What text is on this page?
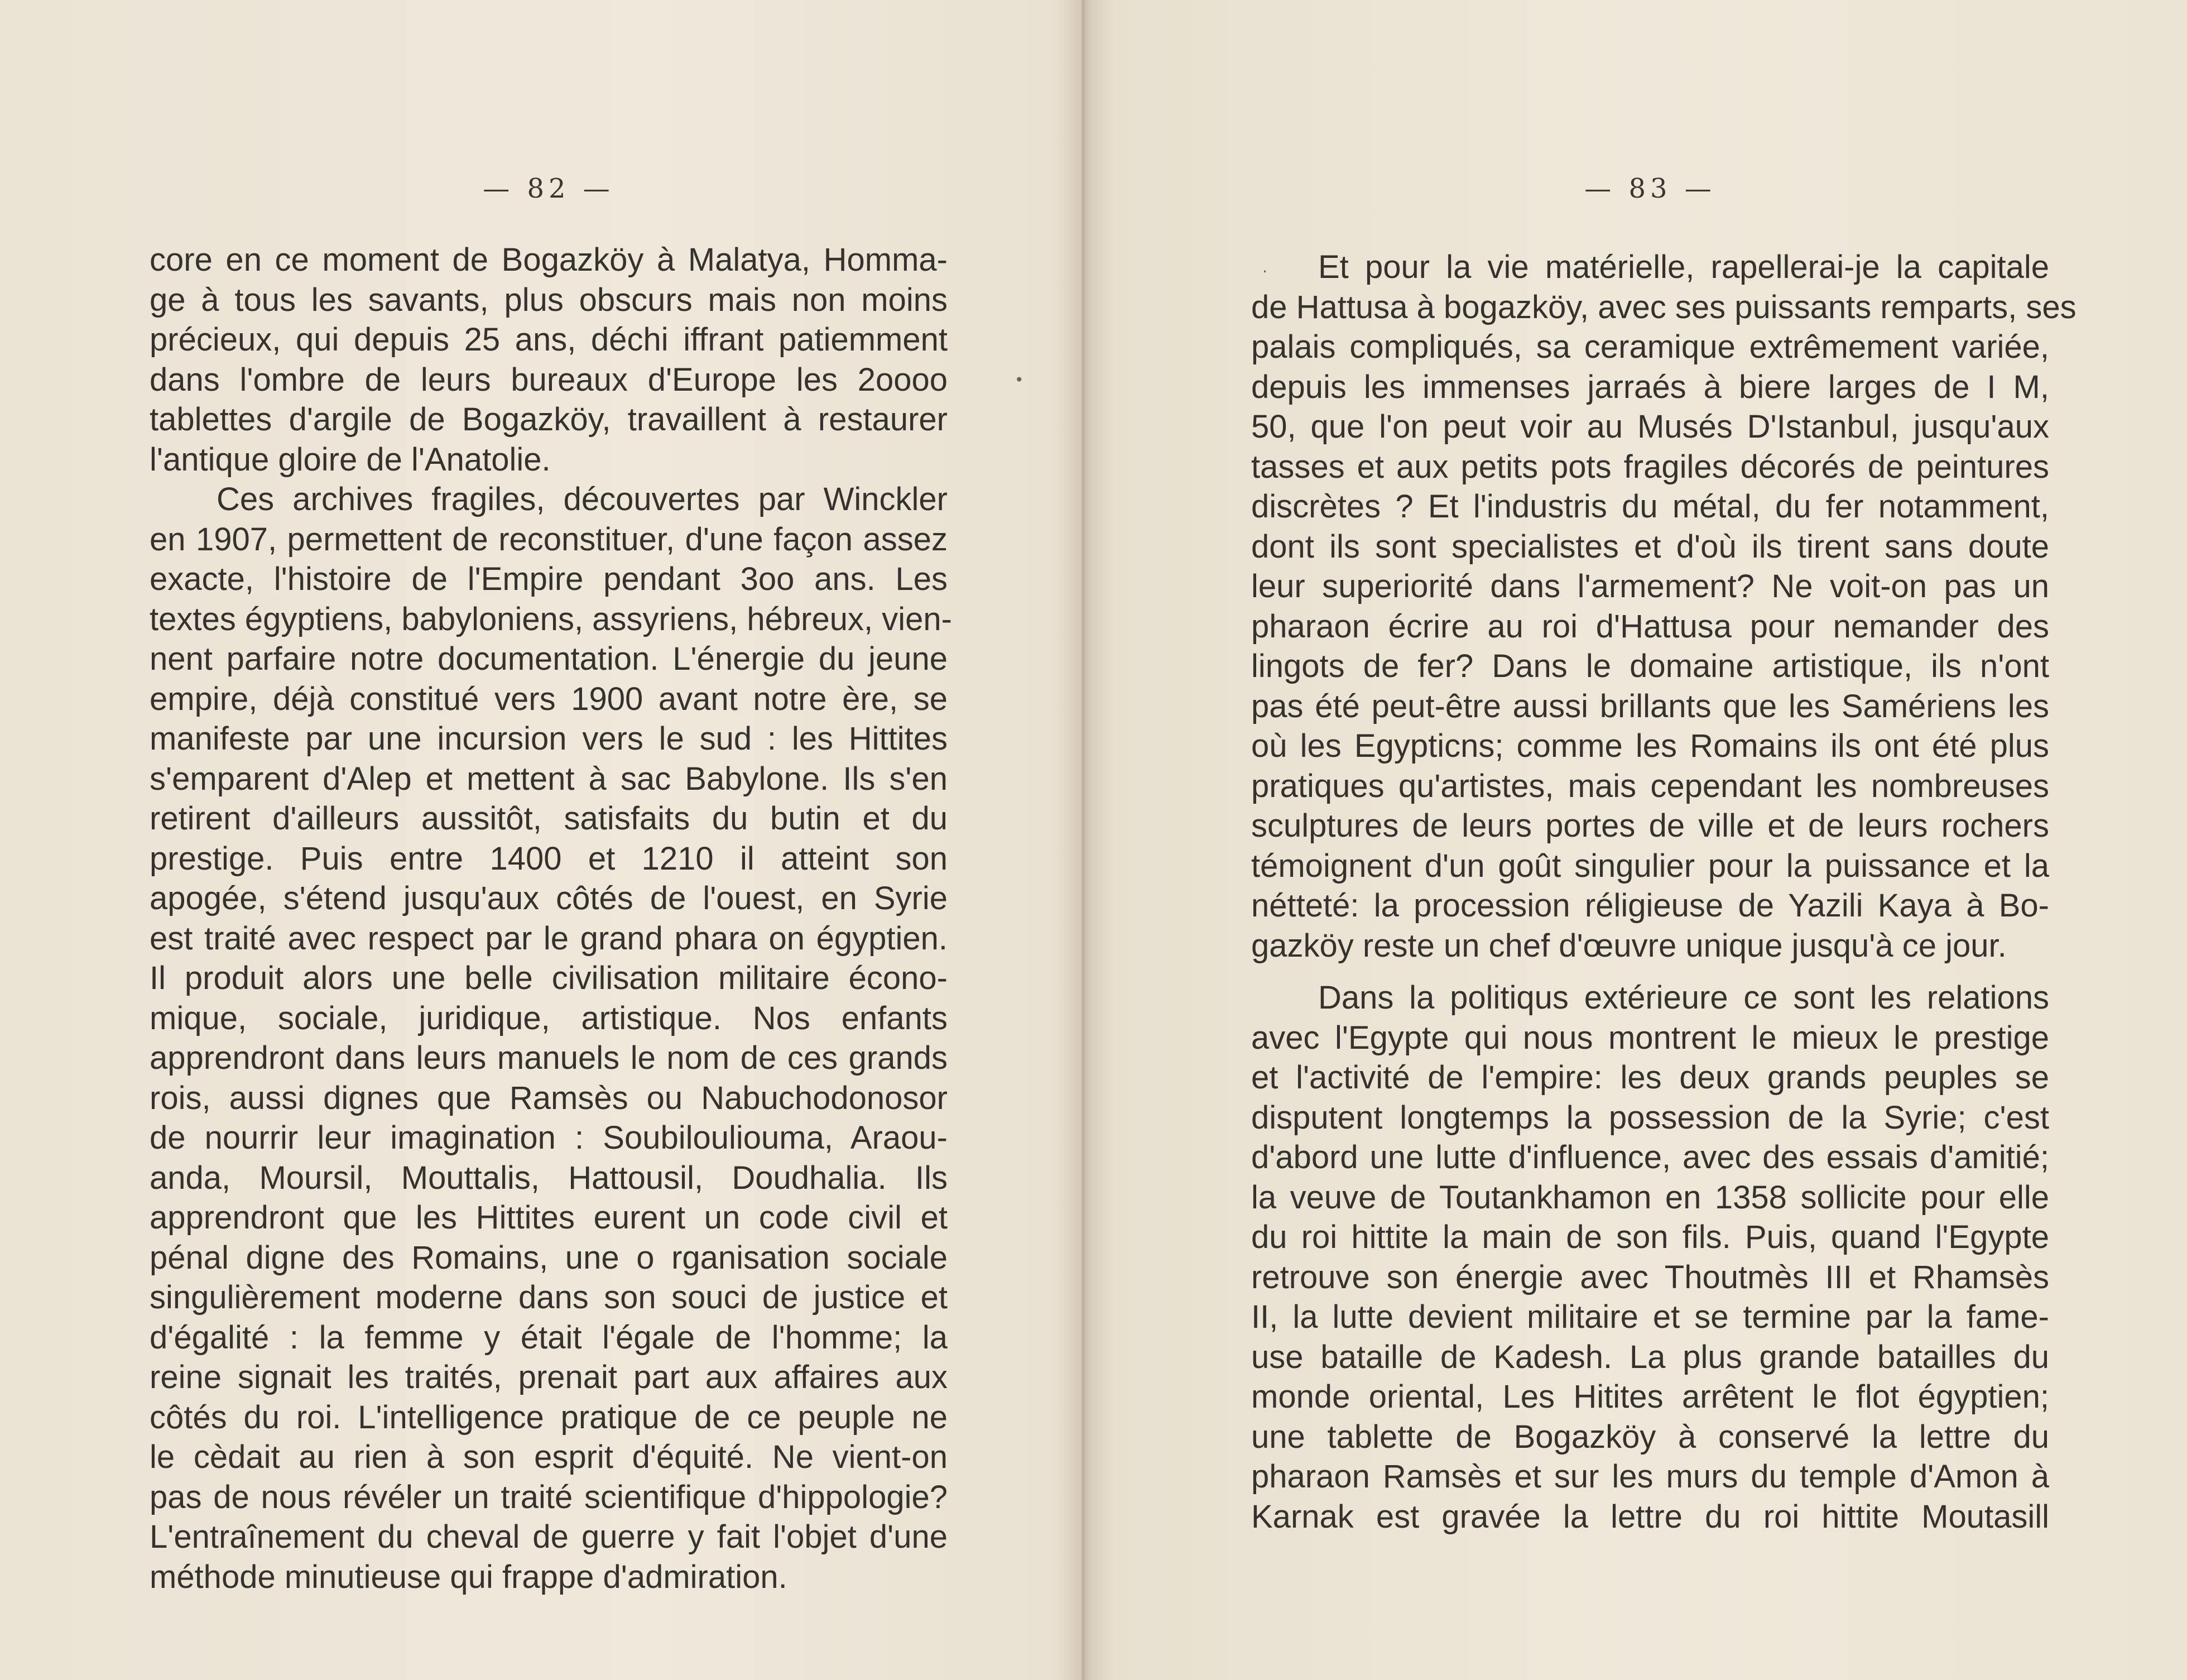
•
·
— 82 —
core en ce moment de Bogazköy à Malatya, Homma-
ge à tous les savants, plus obscurs mais non moins
précieux, qui depuis 25 ans, déchi iffrant patiemment
dans l'ombre de leurs bureaux d'Europe les 2oooo
tablettes d'argile de Bogazköy, travaillent à restaurer
l'antique gloire de l'Anatolie.
Ces archives fragiles, découvertes par Winckler
en 1907, permettent de reconstituer, d'une façon assez
exacte, l'histoire de l'Empire pendant 3oo ans. Les
textes égyptiens, babyloniens, assyriens, hébreux, vien-
nent parfaire notre documentation. L'énergie du jeune
empire, déjà constitué vers 1900 avant notre ère, se
manifeste par une incursion vers le sud : les Hittites
s'emparent d'Alep et mettent à sac Babylone. Ils s'en
retirent d'ailleurs aussitôt, satisfaits du butin et du
prestige. Puis entre 1400 et 1210 il atteint son
apogée, s'étend jusqu'aux côtés de l'ouest, en Syrie
est traité avec respect par le grand phara on égyptien.
Il produit alors une belle civilisation militaire écono-
mique, sociale, juridique, artistique. Nos enfants
apprendront dans leurs manuels le nom de ces grands
rois, aussi dignes que Ramsès ou Nabuchodonosor
de nourrir leur imagination : Soubiloulіouma, Araou-
anda, Moursil, Mouttalis, Hattousil, Doudhalia. Ils
apprendront que les Hittites eurent un code civil et
pénal digne des Romains, une o rganisation sociale
singulièrement moderne dans son souci de justice et
d'égalité : la femme y était l'égale de l'homme; la
reine signait les traités, prenait part aux affaires aux
côtés du roi. L'intelligence pratique de ce peuple ne
le cèdait au rien à son esprit d'équité. Ne vient-on
pas de nous révéler un traité scientifique d'hippologie?
L'entraînement du cheval de guerre y fait l'objet d'une
méthode minutieuse qui frappe d'admiration.
— 83 —
Et pour la vie matérielle, rapellerai-je la capitale
de Hattusa à bogazköy, avec ses puissants remparts, ses
palais compliqués, sa ceramique extrêmement variée,
depuis les immenses jarraés à biere larges de I M,
50, que l'on peut voir au Musés D'Istanbul, jusqu'aux
tasses et aux petits pots fragiles décorés de peintures
discrètes ? Et l'industris du métal, du fer notamment,
dont ils sont specialistes et d'où ils tirent sans doute
leur superiorité dans l'armement? Ne voit-on pas un
pharaon écrire au roi d'Hattusa pour nemander des
lingots de fer? Dans le domaine artistique, ils n'ont
pas été peut-être aussi brillants que les Samériens les
où les Egypticns; comme les Romains ils ont été plus
pratiques qu'artistes, mais cependant les nombreuses
sculptures de leurs portes de ville et de leurs rochers
témoignent d'un goût singulier pour la puissance et la
nétteté: la procession réligieuse de Yazili Kaya à Bo-
gazköy reste un chef d'œuvre unique jusqu'à ce jour.
Dans la politiqus extérieure ce sont les relations
avec l'Egypte qui nous montrent le mieux le prestige
et l'activité de l'empire: les deux grands peuples se
disputent longtemps la possession de la Syrie; c'est
d'abord une lutte d'influence, avec des essais d'amitié;
la veuve de Toutankhamon en 1358 sollicite pour elle
du roi hittite la main de son fils. Puis, quand l'Egypte
retrouve son énergie avec Thoutmès III et Rhamsès
II, la lutte devient militaire et se termine par la fame-
use bataille de Kadesh. La plus grande batailles du
monde oriental, Les Hitites arrêtent le flot égyptien;
une tablette de Bogazköy à conservé la lettre du
pharaon Ramsès et sur les murs du temple d'Amon à
Karnak est gravée la lettre du roi hittite Moutasill
